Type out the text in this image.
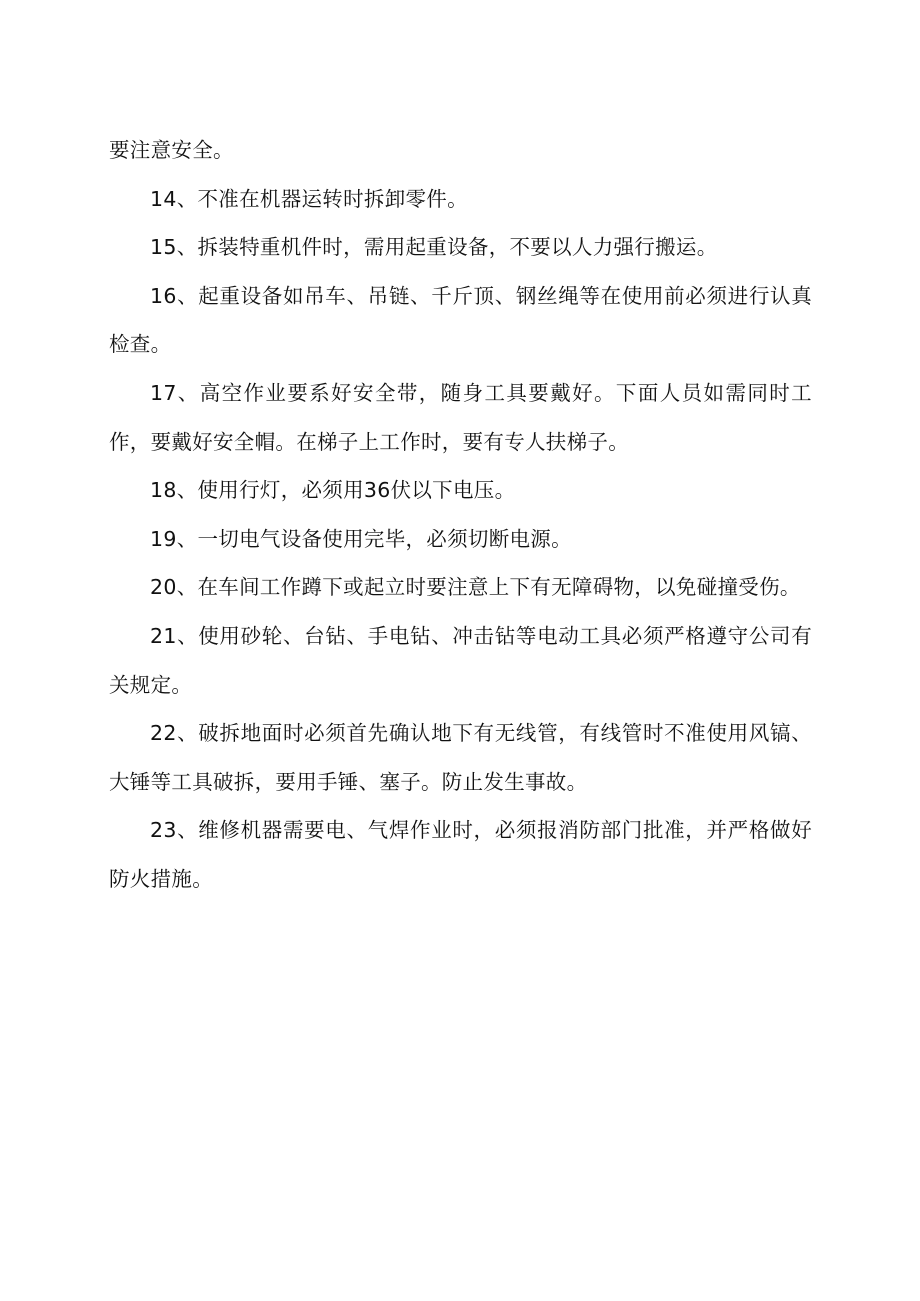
要注意安全。

14、不准在机器运转时拆卸零件。

15、拆装特重机件时，需用起重设备，不要以人力强行搬运。

16、起重设备如吊车、吊链、千斤顶、钢丝绳等在使用前必须进行认真检查。

17、高空作业要系好安全带，随身工具要戴好。下面人员如需同时工作，要戴好安全帽。在梯子上工作时，要有专人扶梯子。

18、使用行灯，必须用36伏以下电压。

19、一切电气设备使用完毕，必须切断电源。

20、在车间工作蹲下或起立时要注意上下有无障碍物，以免碰撞受伤。

21、使用砂轮、台钻、手电钻、冲击钻等电动工具必须严格遵守公司有关规定。

22、破拆地面时必须首先确认地下有无线管，有线管时不准使用风镐、大锤等工具破拆，要用手锤、塞子。防止发生事故。

23、维修机器需要电、气焊作业时，必须报消防部门批准，并严格做好防火措施。
